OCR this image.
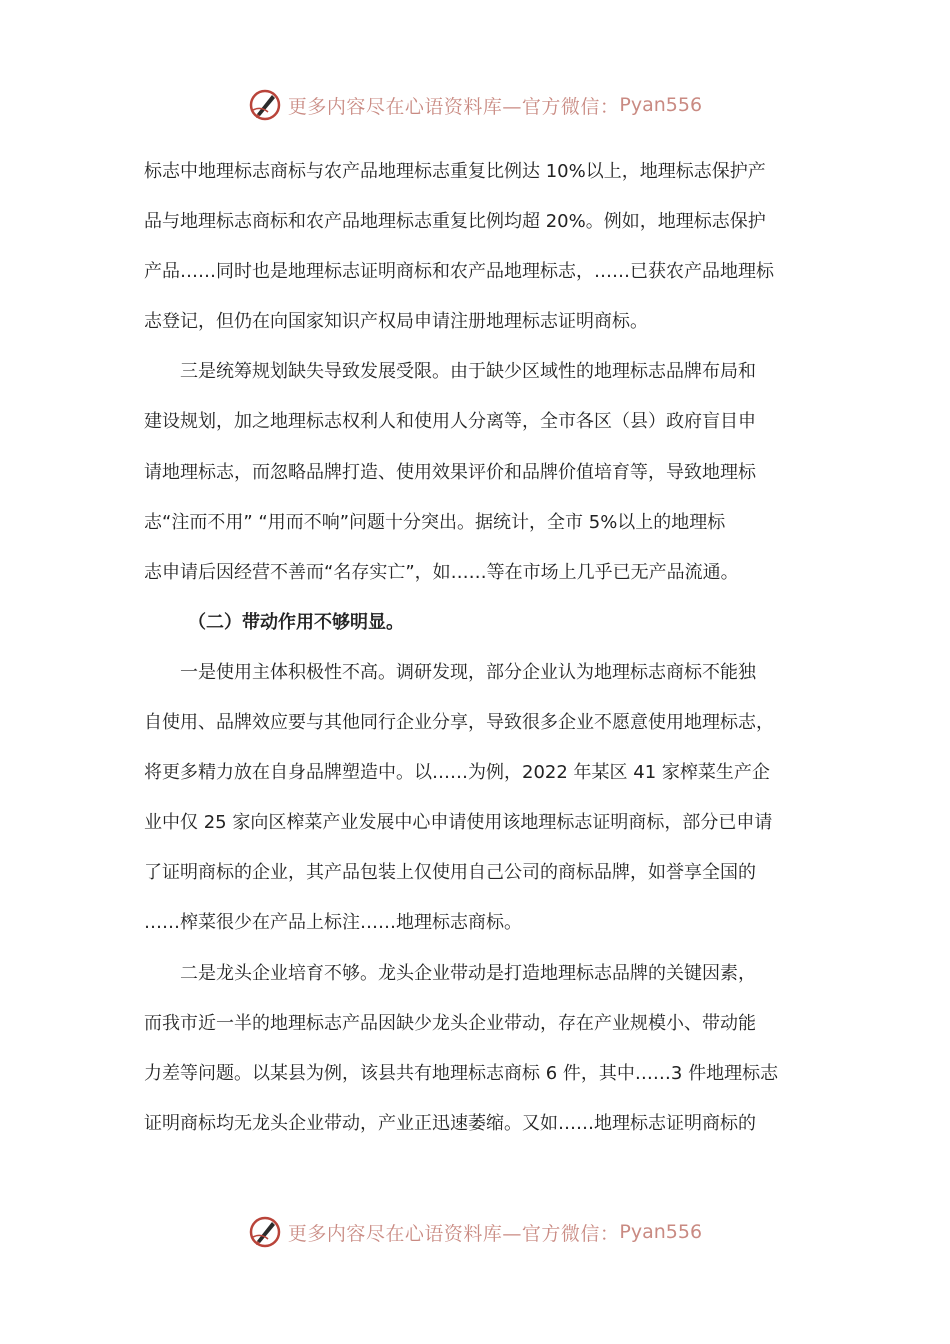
更多内容尽在心语资料库—官方微信： Pyan556
标志中地理标志商标与农产品地理标志重复比例达 10%以上，地理标志保护产
品与地理标志商标和农产品地理标志重复比例均超 20%。例如，地理标志保护
产品……同时也是地理标志证明商标和农产品地理标志，……已获农产品地理标
志登记，但仍在向国家知识产权局申请注册地理标志证明商标。
三是统筹规划缺失导致发展受限。由于缺少区域性的地理标志品牌布局和
建设规划，加之地理标志权利人和使用人分离等，全市各区（县）政府盲目申
请地理标志，而忽略品牌打造、使用效果评价和品牌价值培育等，导致地理标
志“注而不用” “用而不响”问题十分突出。据统计，全市 5%以上的地理标
志申请后因经营不善而“名存实亡”，如……等在市场上几乎已无产品流通。
（二）带动作用不够明显。
一是使用主体积极性不高。调研发现，部分企业认为地理标志商标不能独
自使用、品牌效应要与其他同行企业分享，导致很多企业不愿意使用地理标志，
将更多精力放在自身品牌塑造中。以……为例，2022 年某区 41 家榨菜生产企
业中仅 25 家向区榨菜产业发展中心申请使用该地理标志证明商标，部分已申请
了证明商标的企业，其产品包装上仅使用自己公司的商标品牌，如誉享全国的
……榨菜很少在产品上标注……地理标志商标。
二是龙头企业培育不够。龙头企业带动是打造地理标志品牌的关键因素，
而我市近一半的地理标志产品因缺少龙头企业带动，存在产业规模小、带动能
力差等问题。以某县为例，该县共有地理标志商标 6 件，其中……3 件地理标志
证明商标均无龙头企业带动，产业正迅速萎缩。又如……地理标志证明商标的
更多内容尽在心语资料库—官方微信： Pyan556
